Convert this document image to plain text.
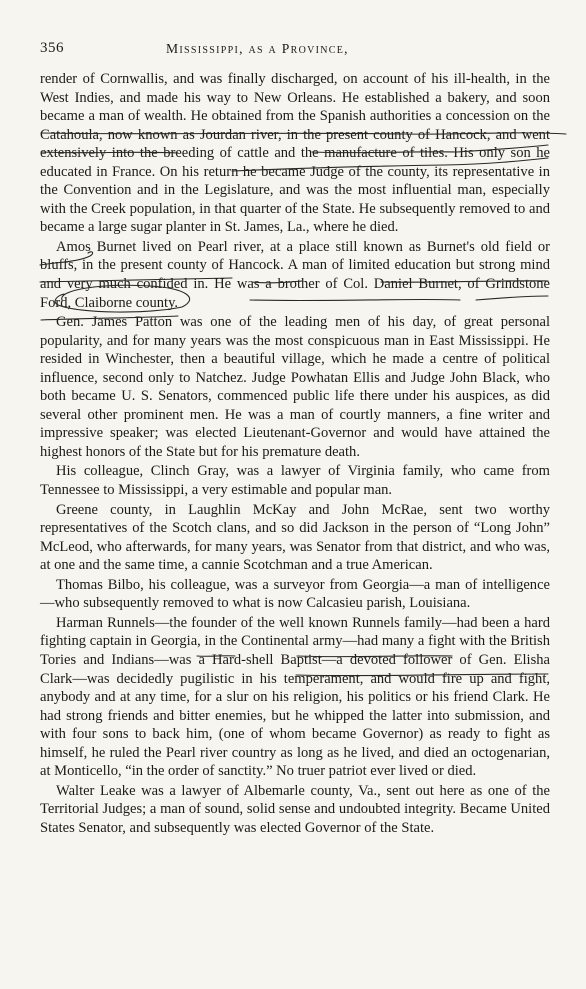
356	Mississippi, as a Province,

render of Cornwallis, and was finally discharged, on account of his ill-health, in the West Indies, and made his way to New Orleans. He established a bakery, and soon became a man of wealth. He obtained from the Spanish authorities a concession on the Catahoula, now known as Jourdan river, in the present county of Hancock, and went extensively into the breeding of cattle and the manufacture of tiles. His only son he educated in France. On his return he became Judge of the county, its representative in the Convention and in the Legislature, and was the most influential man, especially with the Creek population, in that quarter of the State. He subsequently removed to and became a large sugar planter in St. James, La., where he died.

Amos Burnet lived on Pearl river, at a place still known as Burnet's old field or bluffs, in the present county of Hancock. A man of limited education but strong mind and very much confided in. He was a brother of Col. Daniel Burnet, of Grindstone Ford, Claiborne county.

Gen. James Patton was one of the leading men of his day, of great personal popularity, and for many years was the most conspicuous man in East Mississippi. He resided in Winchester, then a beautiful village, which he made a centre of political influence, second only to Natchez. Judge Powhatan Ellis and Judge John Black, who both became U. S. Senators, commenced public life there under his auspices, as did several other prominent men. He was a man of courtly manners, a fine writer and impressive speaker; was elected Lieutenant-Governor and would have attained the highest honors of the State but for his premature death.

His colleague, Clinch Gray, was a lawyer of Virginia family, who came from Tennessee to Mississippi, a very estimable and popular man.

Greene county, in Laughlin McKay and John McRae, sent two worthy representatives of the Scotch clans, and so did Jackson in the person of “Long John” McLeod, who afterwards, for many years, was Senator from that district, and who was, at one and the same time, a cannie Scotchman and a true American.

Thomas Bilbo, his colleague, was a surveyor from Georgia—a man of intelligence—who subsequently removed to what is now Calcasieu parish, Louisiana.

Harman Runnels—the founder of the well known Runnels family—had been a hard fighting captain in Georgia, in the Continental army—had many a fight with the British Tories and Indians—was a Hard-shell Baptist—a devoted follower of Gen. Elisha Clark—was decidedly pugilistic in his temperament, and would fire up and fight, anybody and at any time, for a slur on his religion, his politics or his friend Clark. He had strong friends and bitter enemies, but he whipped the latter into submission, and with four sons to back him, (one of whom became Governor) as ready to fight as himself, he ruled the Pearl river country as long as he lived, and died an octogenarian, at Monticello, “in the order of sanctity.” No truer patriot ever lived or died.

Walter Leake was a lawyer of Albemarle county, Va., sent out here as one of the Territorial Judges; a man of sound, solid sense and undoubted integrity. Became United States Senator, and subsequently was elected Governor of the State.
